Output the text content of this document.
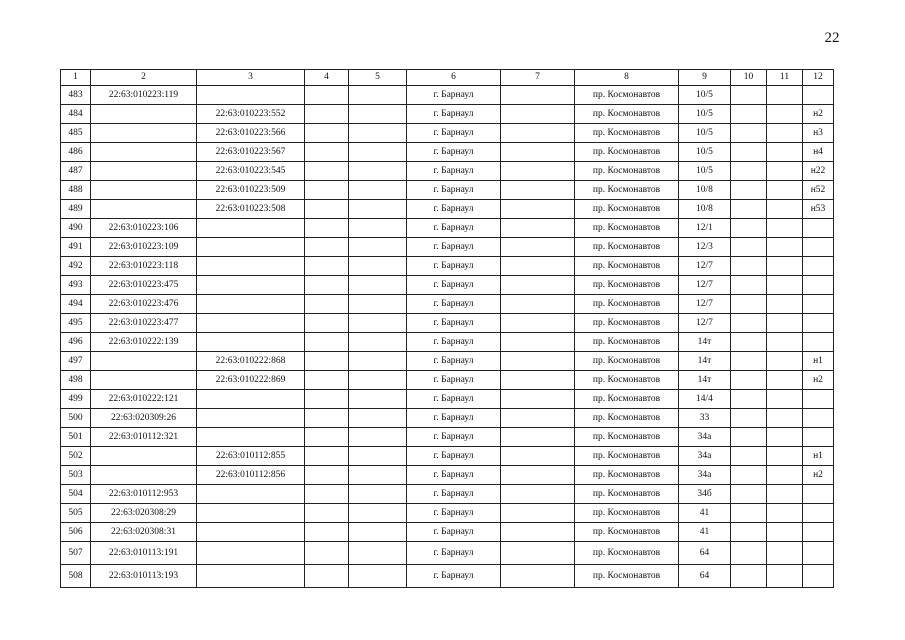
22
1	2	3	4	5	6	7	8	9	10	11	12
483	22:63:010223:119				г. Барнаул		пр. Космонавтов	10/5			
484		22:63:010223:552			г. Барнаул		пр. Космонавтов	10/5			н2
485		22:63:010223:566			г. Барнаул		пр. Космонавтов	10/5			н3
486		22:63:010223:567			г. Барнаул		пр. Космонавтов	10/5			н4
487		22:63:010223:545			г. Барнаул		пр. Космонавтов	10/5			н22
488		22:63:010223:509			г. Барнаул		пр. Космонавтов	10/8			н52
489		22:63:010223:508			г. Барнаул		пр. Космонавтов	10/8			н53
490	22:63:010223:106				г. Барнаул		пр. Космонавтов	12/1			
491	22:63:010223:109				г. Барнаул		пр. Космонавтов	12/3			
492	22:63:010223:118				г. Барнаул		пр. Космонавтов	12/7			
493	22:63:010223:475				г. Барнаул		пр. Космонавтов	12/7			
494	22:63:010223:476				г. Барнаул		пр. Космонавтов	12/7			
495	22:63:010223:477				г. Барнаул		пр. Космонавтов	12/7			
496	22:63:010222:139				г. Барнаул		пр. Космонавтов	14т			
497		22:63:010222:868			г. Барнаул		пр. Космонавтов	14т			н1
498		22:63:010222:869			г. Барнаул		пр. Космонавтов	14т			н2
499	22:63:010222:121				г. Барнаул		пр. Космонавтов	14/4			
500	22:63:020309:26				г. Барнаул		пр. Космонавтов	33			
501	22:63:010112:321				г. Барнаул		пр. Космонавтов	34а			
502		22:63:010112:855			г. Барнаул		пр. Космонавтов	34а			н1
503		22:63:010112:856			г. Барнаул		пр. Космонавтов	34а			н2
504	22:63:010112:953				г. Барнаул		пр. Космонавтов	34б			
505	22:63:020308:29				г. Барнаул		пр. Космонавтов	41			
506	22:63:020308:31				г. Барнаул		пр. Космонавтов	41			
507	22:63:010113:191				г. Барнаул		пр. Космонавтов	64			
508	22:63:010113:193				г. Барнаул		пр. Космонавтов	64			
